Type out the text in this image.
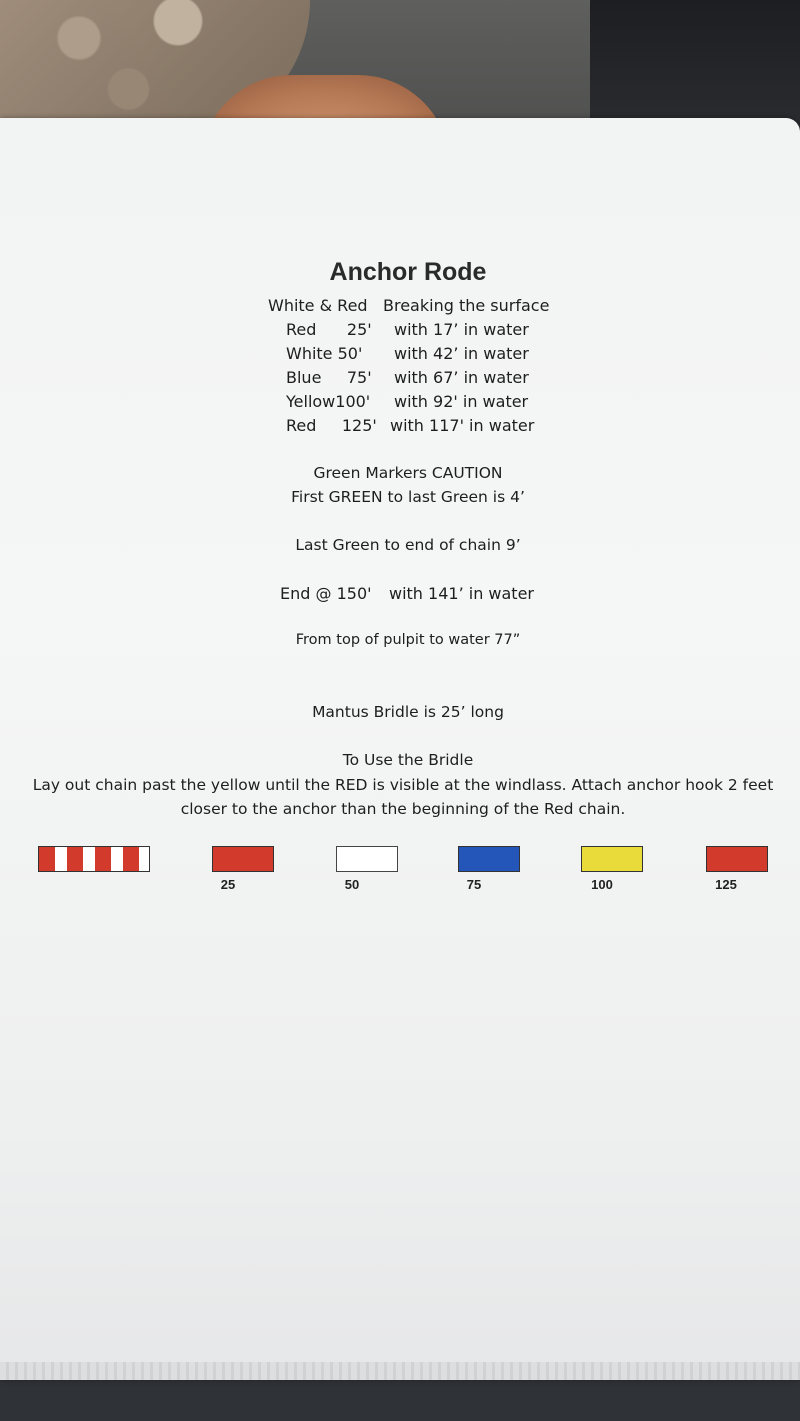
Anchor Rode
White & Red Breaking the surface
Red      25' with 17’ in water
White 50' with 42’ in water
Blue     75' with 67’ in water
Yellow100' with 92' in water
Red     125' with 117' in water
Green Markers CAUTION
First GREEN to last Green is 4’
Last Green to end of chain 9’
End @ 150' with 141’ in water
From top of pulpit to water 77”
Mantus Bridle is 25’ long
To Use the Bridle
Lay out chain past the yellow until the RED is visible at the windlass. Attach anchor hook 2 feet closer to the anchor than the beginning of the Red chain.
25	50	75	100	125
